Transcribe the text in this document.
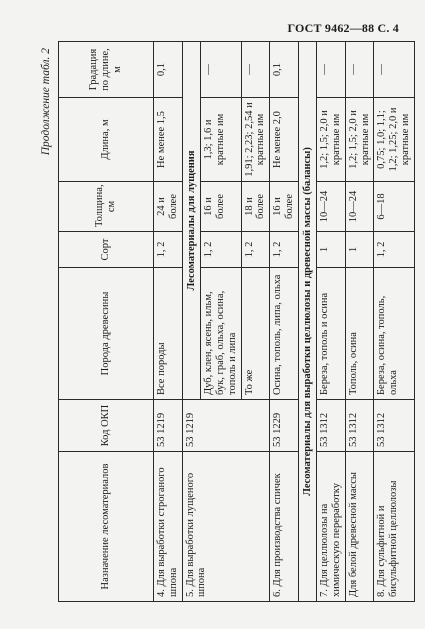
ГОСТ 9462—88 С. 4
Продолжение табл. 2
Назначение лесоматериалов	Код ОКП	Порода древесины	Сорт	Толщина, см	Длина, м	Градация по длине, м
4. Для выработки строганого шпона	53 1219	Все породы	1, 2	24 и более	Не менее 1,5	0,1
5. Для выработки лущеного шпона	53 1219	Лесоматериалы для лущения				
		Дуб, клен, ясень, ильм, бук, граб, ольха, осина, тополь и липа	1, 2	16 и более	1,3; 1,6 и кратные им	—
		То же	1, 2	18 и более	1,91; 2,23; 2,54 и кратные им	—
6. Для производства спичек	53 1229	Осина, тополь, липа, ольха	1, 2	16 и более	Не менее 2,0	0,1
Лесоматериалы для выработки целлюлозы и древесной массы (балансы)						
7. Для целлюлозы на химическую переработку	53 1312	Береза, тополь и осина	1	10—24	1,2; 1,5; 2,0 и кратные им	—
Для белой древесной массы	53 1312	Тополь, осина	1	10—24	1,2; 1,5; 2,0 и кратные им	—
8. Для сульфитной и бисульфитной целлюлозы	53 1312	Береза, осина, тополь, ольха	1, 2	6—18	0,75; 1,0; 1,1; 1,2; 1,25; 2,0 и кратные им	—
